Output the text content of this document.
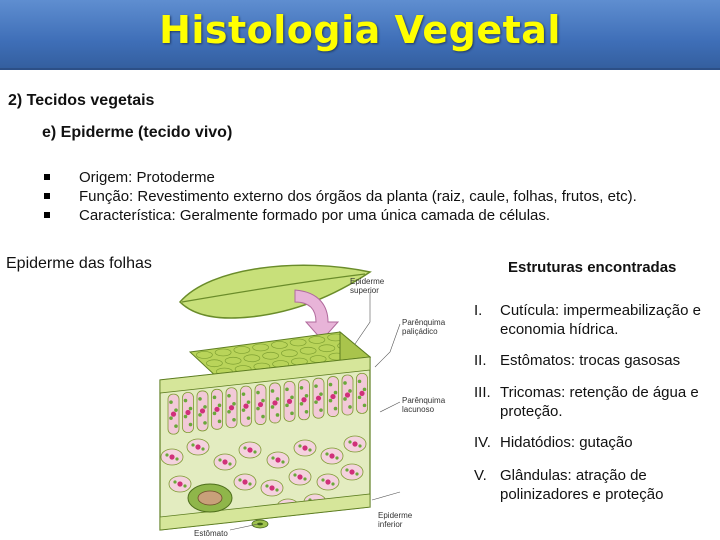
Histologia Vegetal
2) Tecidos vegetais
e) Epiderme (tecido vivo)
Origem: Protoderme
Função: Revestimento externo dos órgãos da planta (raiz, caule, folhas, frutos, etc).
Característica: Geralmente formado por uma única camada de células.
Epiderme das folhas	Estruturas encontradas
I. Cutícula: impermeabilização e economia hídrica.
II. Estômatos: trocas gasosas
III. Tricomas: retenção de água e proteção.
IV. Hidatódios: gutação
V. Glândulas: atração de polinizadores e proteção
Epiderme
superior
Parênquima
paliçádico
Parênquima
lacunoso
Epiderme
inferior
Estômato
